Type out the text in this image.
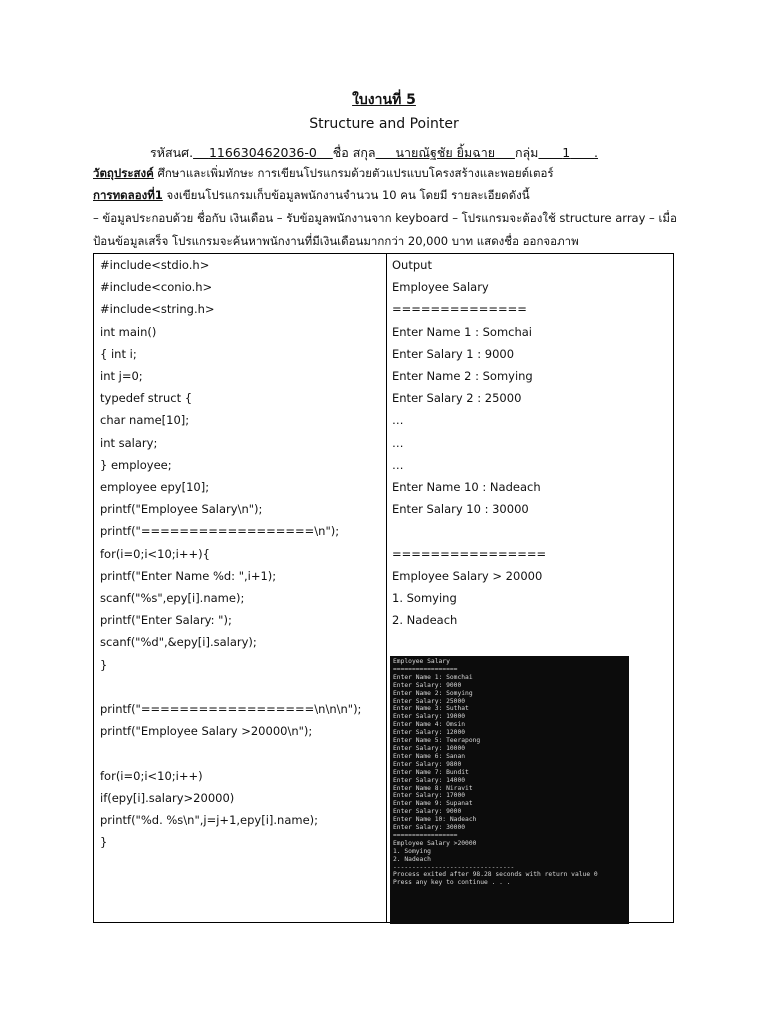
ใบงานที่ 5
Structure and Pointer
รหัสนศ. 116630462036-0 ชื่อ สกุล นายณัฐชัย ยิ้มฉาย กลุ่ม 1 .
วัตถุประสงค์ ศึกษาและเพิ่มทักษะ การเขียนโปรแกรมด้วยตัวแปรแบบโครงสร้างและพอยต์เตอร์
การทดลองที่1 จงเขียนโปรแกรมเก็บข้อมูลพนักงานจำนวน 10 คน โดยมี รายละเอียดดังนี้
– ข้อมูลประกอบด้วย ชื่อกับ เงินเดือน – รับข้อมูลพนักงานจาก keyboard – โปรแกรมจะต้องใช้ structure array – เมื่อ
ป้อนข้อมูลเสร็จ โปรแกรมจะค้นหาพนักงานที่มีเงินเดือนมากกว่า 20,000 บาท แสดงชื่อ ออกจอภาพ
#include<stdio.h>
#include<conio.h>
#include<string.h>
int main()
{ int i;
int j=0;
typedef struct {
char name[10];
int salary;
} employee;
employee epy[10];
printf("Employee Salary\n");
printf("==================\n");
for(i=0;i<10;i++){
printf("Enter Name %d: ",i+1);
scanf("%s",epy[i].name);
printf("Enter Salary: ");
scanf("%d",&epy[i].salary);
}
printf("==================\n\n\n");
printf("Employee Salary >20000\n");
for(i=0;i<10;i++)
if(epy[i].salary>20000)
printf("%d. %s\n",j=j+1,epy[i].name);
}
Output
Employee Salary
==============
Enter Name 1 : Somchai
Enter Salary 1 : 9000
Enter Name 2 : Somying
Enter Salary 2 : 25000
…
…
…
Enter Name 10 : Nadeach
Enter Salary 10 : 30000
================
Employee Salary > 20000
1. Somying
2. Nadeach
Employee Salary
=================
Enter Name 1: Somchai
Enter Salary: 9000
Enter Name 2: Somying
Enter Salary: 25000
Enter Name 3: Suthat
Enter Salary: 19000
Enter Name 4: Omsin
Enter Salary: 12000
Enter Name 5: Teerapong
Enter Salary: 10000
Enter Name 6: Sanan
Enter Salary: 9800
Enter Name 7: Bundit
Enter Salary: 14000
Enter Name 8: Niravit
Enter Salary: 17000
Enter Name 9: Supanat
Enter Salary: 9000
Enter Name 10: Nadeach
Enter Salary: 30000
=================
Employee Salary >20000
1. Somying
2. Nadeach
--------------------------------
Process exited after 98.28 seconds with return value 0
Press any key to continue . . .
